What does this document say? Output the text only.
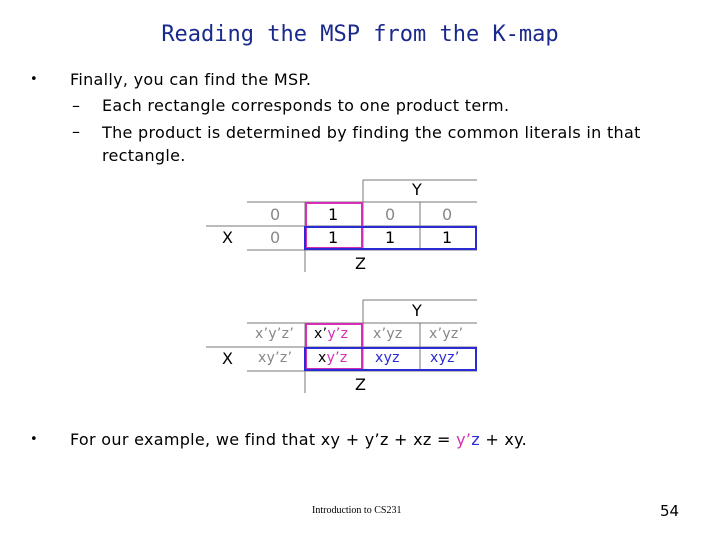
Reading the MSP from the K-map
• Finally, you can find the MSP.
– Each rectangle corresponds to one product term.
– The product is determined by finding the common literals in that
rectangle.
Y
X
Z
0	1	0	0
0	1	1	1
Y
X
Z
x’y’z’ x’y’z x’yz x’yz’
xy’z’ xy’z xyz xyz’
• For our example, we find that xy + y’z + xz = y’z + xy.
Introduction to CS231	54
